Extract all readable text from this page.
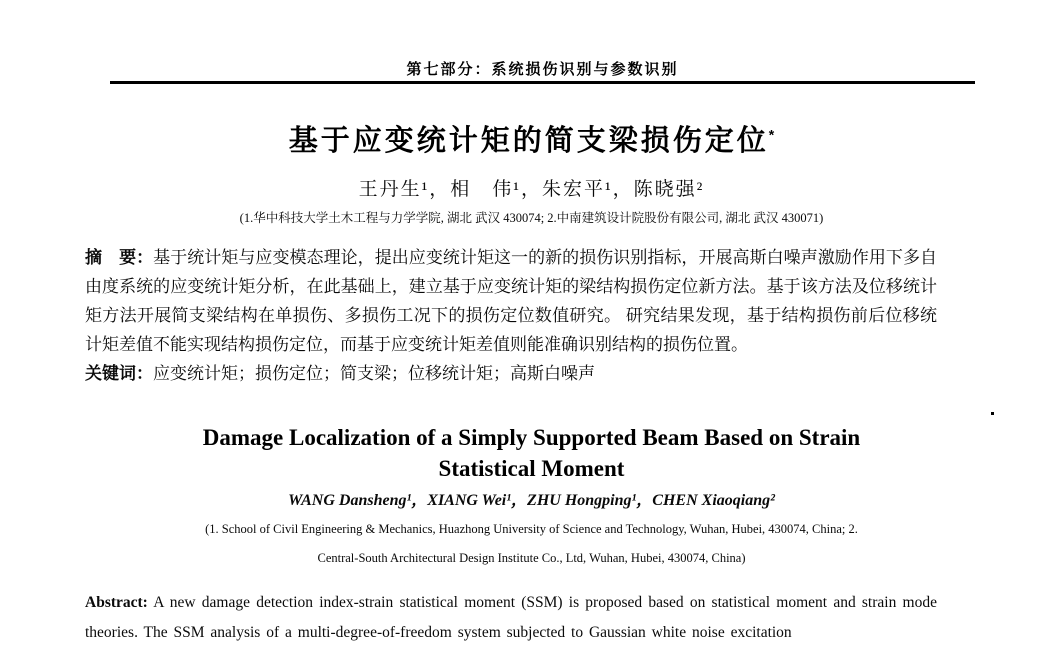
第七部分：系统损伤识别与参数识别
基于应变统计矩的简支梁损伤定位*
王丹生¹，相　伟¹，朱宏平¹，陈晓强²
(1.华中科技大学土木工程与力学学院, 湖北 武汉 430074; 2.中南建筑设计院股份有限公司, 湖北 武汉 430071)

摘　要：基于统计矩与应变模态理论，提出应变统计矩这一的新的损伤识别指标，开展高斯白噪声激励作用下多自由度系统的应变统计矩分析，在此基础上，建立基于应变统计矩的梁结构损伤定位新方法。基于该方法及位移统计矩方法开展简支梁结构在单损伤、多损伤工况下的损伤定位数值研究。 研究结果发现，基于结构损伤前后位移统计矩差值不能实现结构损伤定位，而基于应变统计矩差值则能准确识别结构的损伤位置。

关键词：应变统计矩；损伤定位；简支梁；位移统计矩；高斯白噪声

Damage Localization of a Simply Supported Beam Based on Strain
Statistical Moment
WANG Dansheng¹，XIANG Wei¹，ZHU Hongping¹，CHEN Xiaoqiang²
(1. School of Civil Engineering & Mechanics, Huazhong University of Science and Technology, Wuhan, Hubei, 430074, China; 2.
Central-South Architectural Design Institute Co., Ltd, Wuhan, Hubei, 430074, China)

Abstract: A new damage detection index-strain statistical moment (SSM) is proposed based on statistical moment and strain mode theories. The SSM analysis of a multi-degree-of-freedom system subjected to Gaussian white noise excitation
